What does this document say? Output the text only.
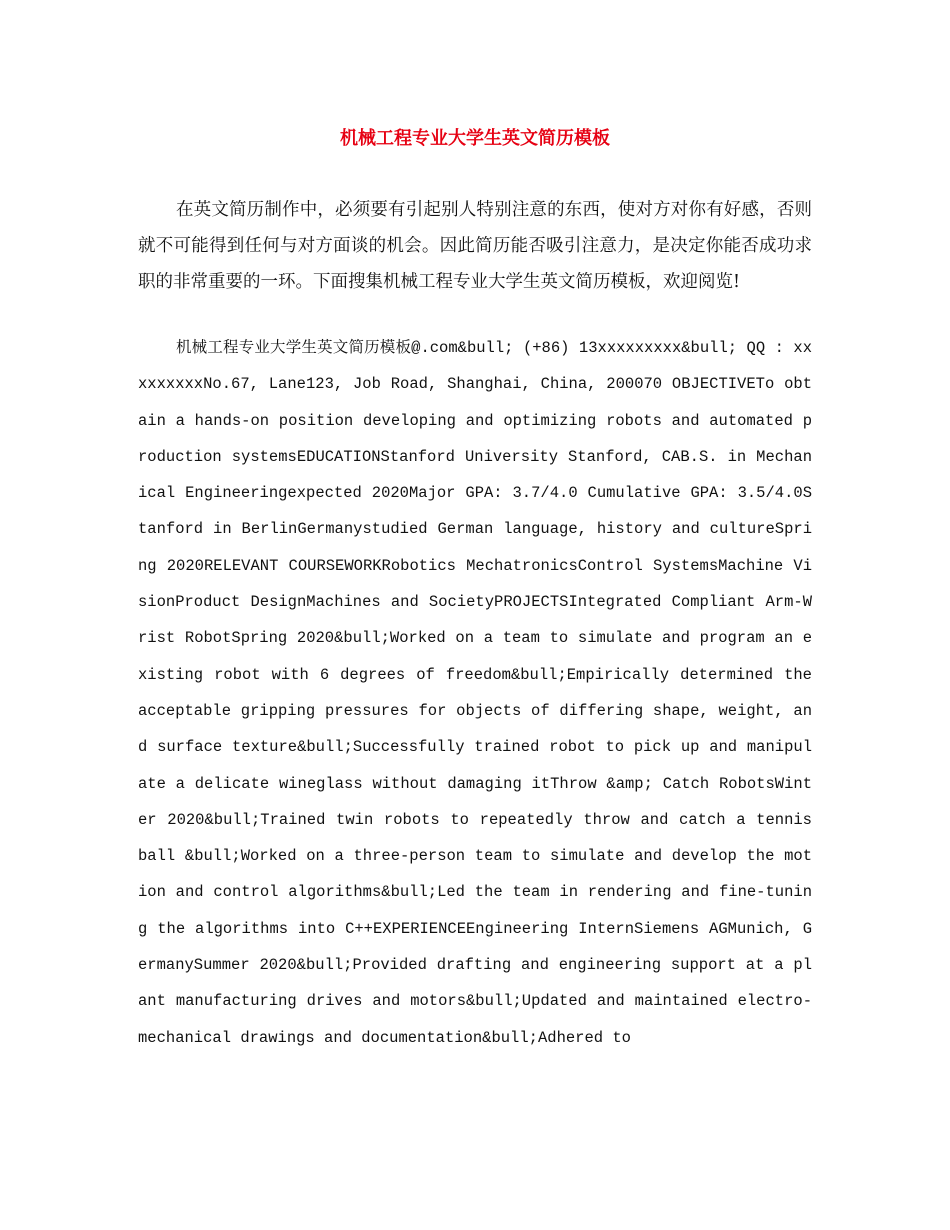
机械工程专业大学生英文简历模板

在英文简历制作中，必须要有引起别人特别注意的东西，使对方对你有好感，否则就不可能得到任何与对方面谈的机会。因此简历能否吸引注意力，是决定你能否成功求职的非常重要的一环。下面搜集机械工程专业大学生英文简历模板，欢迎阅览!

机械工程专业大学生英文简历模板@.com&bull; (+86) 13xxxxxxxxx&bull; QQ : xxxxxxxxxNo.67, Lane123, Job Road, Shanghai, China, 200070 OBJECTIVETo obtain a hands-on position developing and optimizing robots and automated production systemsEDUCATIONStanford University Stanford, CAB.S. in Mechanical Engineeringexpected 2020Major GPA: 3.7/4.0 Cumulative GPA: 3.5/4.0Stanford in BerlinGermanystudied German language, history and cultureSpring 2020RELEVANT COURSEWORKRobotics MechatronicsControl SystemsMachine VisionProduct DesignMachines and SocietyPROJECTSIntegrated Compliant Arm-Wrist RobotSpring 2020&bull;Worked on a team to simulate and program an existing robot with 6 degrees of freedom&bull;Empirically determined the acceptable gripping pressures for objects of differing shape, weight, and surface texture&bull;Successfully trained robot to pick up and manipulate a delicate wineglass without damaging itThrow &amp; Catch RobotsWinter 2020&bull;Trained twin robots to repeatedly throw and catch a tennis ball &bull;Worked on a three-person team to simulate and develop the motion and control algorithms&bull;Led the team in rendering and fine-tuning the algorithms into C++EXPERIENCEEngineering InternSiemens AGMunich, GermanySummer 2020&bull;Provided drafting and engineering support at a plant manufacturing drives and motors&bull;Updated and maintained electro-mechanical drawings and documentation&bull;Adhered to
